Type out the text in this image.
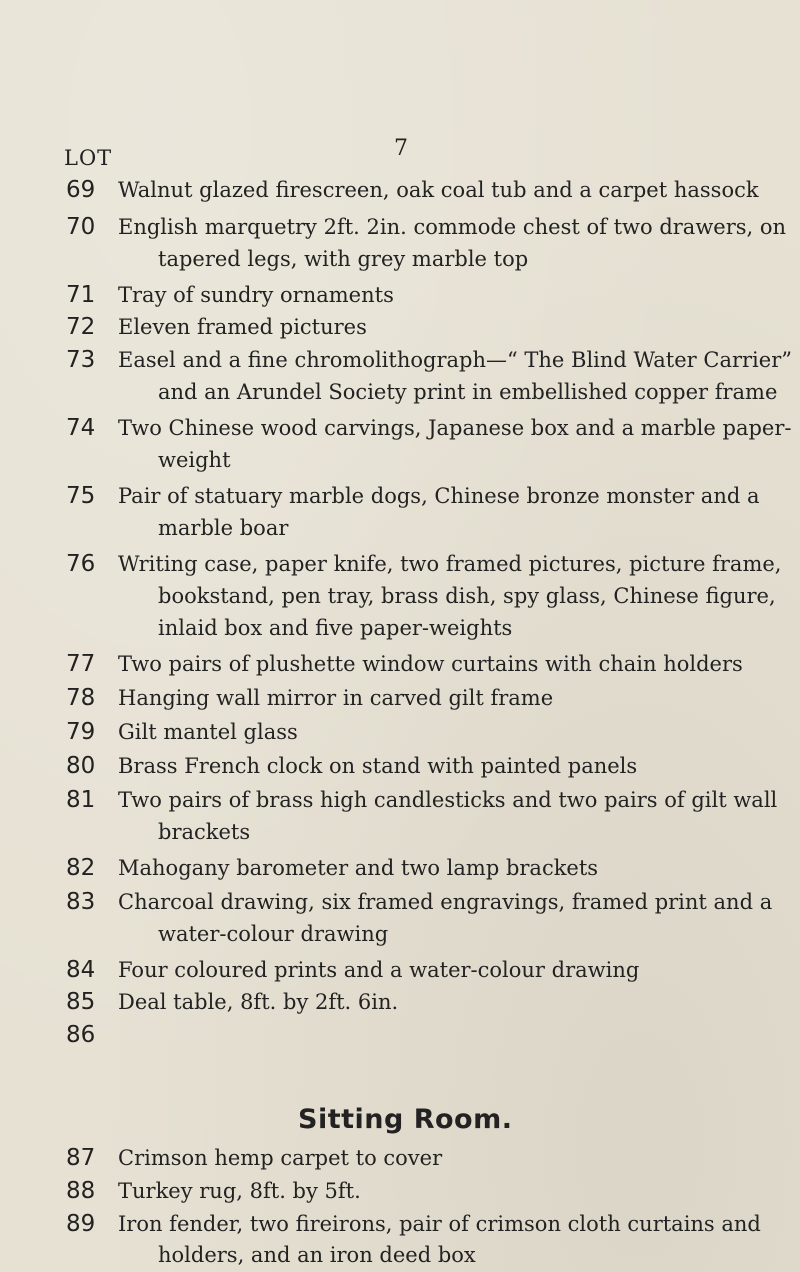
7
LOT
69 Walnut glazed firescreen, oak coal tub and a carpet hassock
70 English marquetry 2ft. 2in. commode chest of two drawers, on
tapered legs, with grey marble top
71 Tray of sundry ornaments
72 Eleven framed pictures
73 Easel and a fine chromolithograph—“ The Blind Water Carrier”
and an Arundel Society print in embellished copper frame
74 Two Chinese wood carvings, Japanese box and a marble paper-
weight
75 Pair of statuary marble dogs, Chinese bronze monster and a
marble boar
76 Writing case, paper knife, two framed pictures, picture frame,
bookstand, pen tray, brass dish, spy glass, Chinese figure,
inlaid box and five paper-weights
77 Two pairs of plushette window curtains with chain holders
78 Hanging wall mirror in carved gilt frame
79 Gilt mantel glass
80 Brass French clock on stand with painted panels
81 Two pairs of brass high candlesticks and two pairs of gilt wall
brackets
82 Mahogany barometer and two lamp brackets
83 Charcoal drawing, six framed engravings, framed print and a
water-colour drawing
84 Four coloured prints and a water-colour drawing
85 Deal table, 8ft. by 2ft. 6in.
86
Sitting Room.
87 Crimson hemp carpet to cover
88 Turkey rug, 8ft. by 5ft.
89 Iron fender, two fireirons, pair of crimson cloth curtains and
holders, and an iron deed box
